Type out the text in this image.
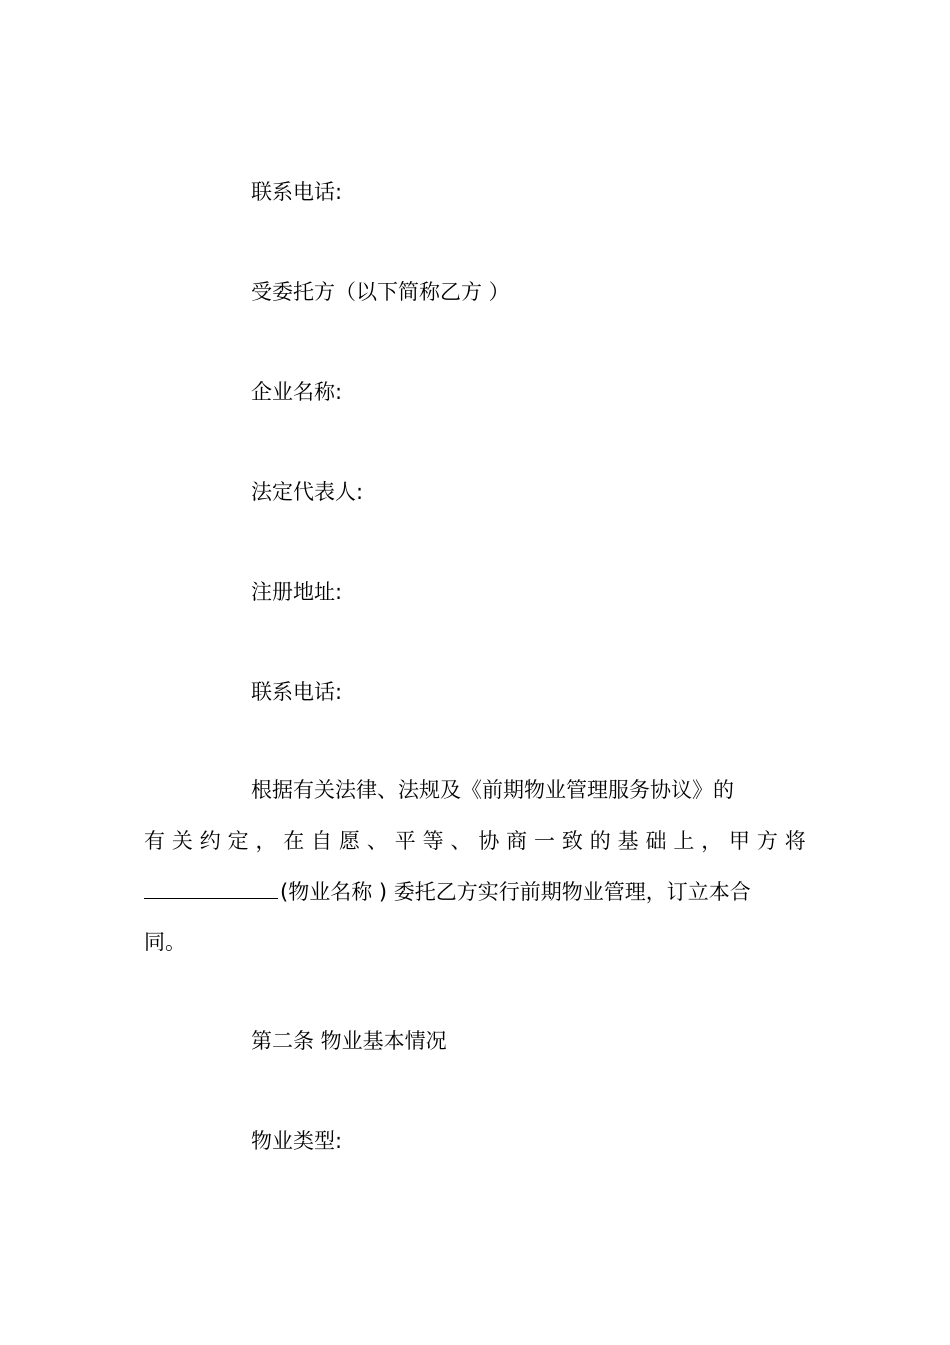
联系电话:

受委托方（以下简称乙方 ）

企业名称:

法定代表人:

注册地址:

联系电话:

根据有关法律、法规及《前期物业管理服务协议》的

有 关 约 定 ， 在 自 愿 、 平 等 、 协 商 一 致 的 基 础 上 ， 甲 方 将

(物业名称 ) 委托乙方实行前期物业管理，订立本合

同。

第二条 物业基本情况

物业类型:
